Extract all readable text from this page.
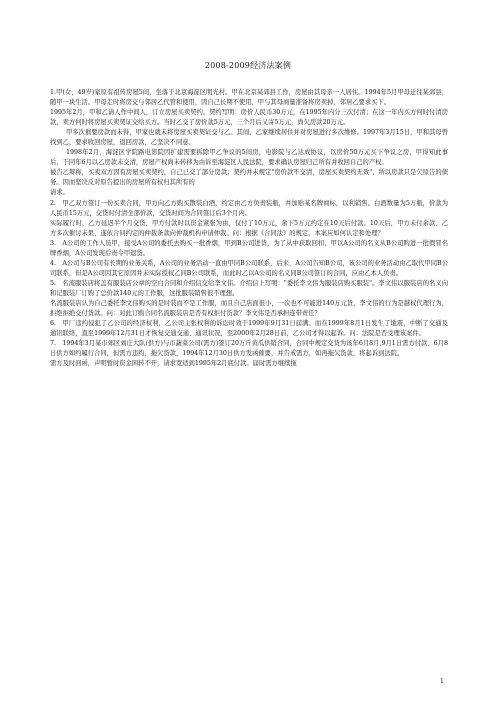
2008-2009经济法案例

1.甲(女，49岁)家原有祖传房屋5间，坐落于北京海淀区明光村。甲在北京某郊县工作，房屋由其母亲一人居住。1994年5月甲母迁往某郊县，随甲一块生活。甲母走时将房交与邻居乙代管和使用，因自己长期不使用，甲与其母商量准备将房卖掉，邻居乙要求买下。

1995年2月，甲和乙请人作中间人，订立房屋买卖契约。契约写明：房价人民币30万元，在1995年内分三次付清；在这一年内买方何时付清房款，卖方何时将房屋买卖契证交给买方。当时乙交了房价款5万元，三个月后又寄5万元，尚欠房款20万元。

甲多次催要房款而未得，甲家也就未将房屋买卖契证交与乙。其间，乙家继续居住并对房屋进行多次维修。1997年3月15日，甲和其母曾找到乙，要求收回房屋，退回房款，乙坚决不同意。

1998年2月，海淀区学院路电影院因扩建需要拆除甲乙争议的5间房，电影院与乙达成协议，以房价50万元买下争议之房，甲得知此事后，于同年6月以乙房款未交清，房屋产权尚未转移为由诉至海淀区人民法院，要求确认房屋归己所有并收回自己的产权。

被告乙辩称，买卖双方因有房屋买卖契约，自己已交了部分房款；契约并未规定"房价款不交清，房屋买卖契约无效"，所以房款只是欠原告的债务。因而坚决反对原告提出的房屋所有权归其所有的

请求。

2.　甲乙双方签订一份买卖合同，甲方向乙方购买散装白酒，约定由乙方负责装瓶，并加贴某名牌商标，以利销售。白酒数量为5万瓶，价款为人民币15万元，交货时付清全部价款，交货时间为合同签订后3个月内。

实际履行时，乙方延迟半个月交货，甲方付款时以资金紧张为由，仅付了10万元，余下5万元约定在10天后付款。10天后，甲方未付余款，乙方多次催讨未果，遂依合同约定的仲裁条款向仲裁机构申请仲裁。问：根据《合同法》的规定，本案应如何认定和处理？

3.　A公司的工作人员甲，接受A公司的委托去购买一批香烟，甲到B公司进货，为了从中获取回扣，甲以A公司的名义从B公司购进一批假冒名牌香烟，A公司发现后责令甲退货。

4.　A公司与B公司有长期的业务关系，A公司的业务活动一直由甲同B公司联系，后来，A公司告知B公司，该公司的业务活动由乙取代甲同B公司联系，但是A公司因其它原因并未实际授权乙同B公司联系，而此时乙以A公司的名义同B公司签订的合同，应由乙本人负责。

5.　名流服装店将盖有服装店公章的空白合同和介绍信交给李文伟。介绍信上写明："委托李文伟为服装店购买服装"。李文伟以服装店的名义向和记服装厂订购了总价款140元的工作服，这批服装销售很不理想。

名流服装店认为自己委托李文伟购买的是时装而不是工作服，而且自己店面很小，一次也不可能进140万元货，李文伟的行为是越权代理行为，拒绝拒绝交付货款。问：对此订购合同名流服装店是否有权拒付货款？李文伟是否承担连带责任？

6.　甲厂违约侵犯了乙公司的经济权利，乙公司主张权利的诉讼时效于1999年9月31日届满。而在1999年8月1日发生了地震，中断了交通及通讯联络，直至1999年12月31日才恢复交通交通、通讯状况，至2000年2月28日前，乙公司才得以起诉。问：法院是否受理该案件。

7.　1994年3月某市郊区刘庄大队(供方)与市蔬菜公司(需方)签订20万斤黄瓜供销合同，合同中规定交货为该年6月8月,9月1日需方付款，6月8日供方如约履行合同，但需方违约，拖欠货款，1994年12月30日供方发函催要，并告戒需方，如再拖欠货款，将起诉到法院。

需方及时回函，声明暂时资金困转不开，请求宽适到1995年2月底付款。届时需方继续拖

1
